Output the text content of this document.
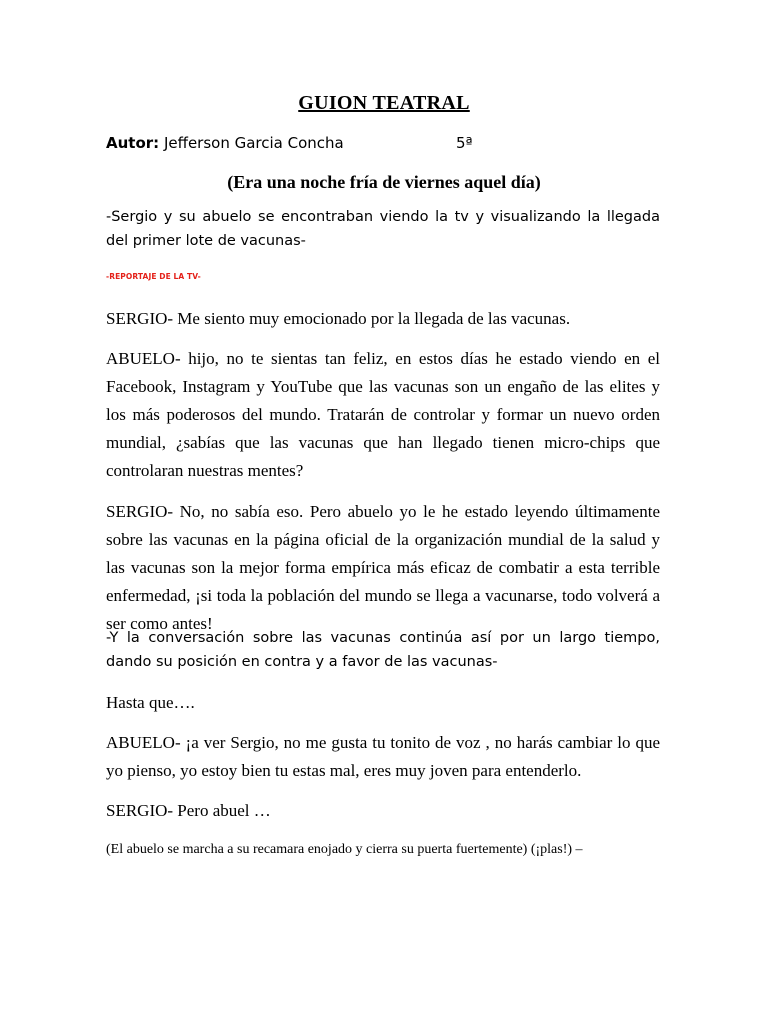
GUION TEATRAL
Autor: Jefferson Garcia Concha	5ª
(Era una noche fría de viernes aquel día)
-Sergio y su abuelo se encontraban viendo la tv y visualizando la llegada del primer lote de vacunas-
-REPORTAJE DE LA TV-
SERGIO- Me siento muy emocionado por la llegada de las vacunas.
ABUELO- hijo, no te sientas tan feliz, en estos días he estado viendo en el Facebook, Instagram y YouTube que las vacunas son un engaño de las elites y los más poderosos del mundo. Tratarán de controlar y formar un nuevo orden mundial, ¿sabías que las vacunas que han llegado tienen micro-chips que controlaran nuestras mentes?
SERGIO- No, no sabía eso. Pero abuelo yo le he estado leyendo últimamente sobre las vacunas en la página oficial de la organización mundial de la salud y las vacunas son la mejor forma empírica más eficaz de combatir a esta terrible enfermedad, ¡si toda la población del mundo se llega a vacunarse, todo volverá a ser como antes!
-Y la conversación sobre las vacunas continúa así por un largo tiempo, dando su posición en contra y a favor de las vacunas-
Hasta que….
ABUELO- ¡a ver Sergio, no me gusta tu tonito de voz , no harás cambiar lo que yo pienso, yo estoy bien tu estas mal, eres muy joven para entenderlo.
SERGIO- Pero abuel …
(El abuelo se marcha a su recamara enojado y cierra su puerta fuertemente) (¡plas!) –
